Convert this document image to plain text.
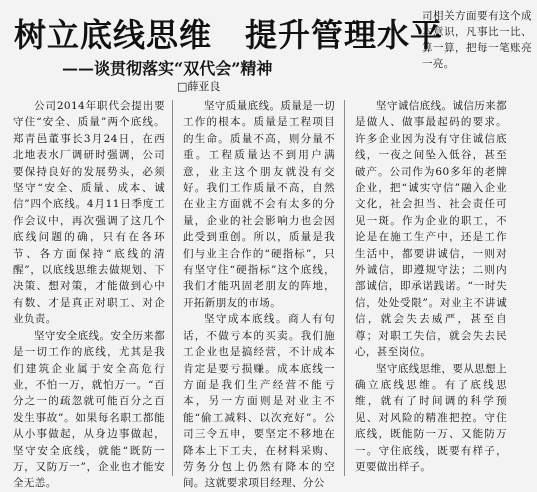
树立底线思维　提升管理水平
——谈贯彻落实“双代会”精神
□薛亚良

司相关方面要有这个成本意识，凡事比一比、算一算，把每一笔账亮一亮。

公司2014年职代会提出要守住“安全、质量”两个底线。郑青邑董事长3月24日，在西北地表水厂调研时强调，公司要保持良好的发展势头，必须坚守“安全、质量、成本、诚信”四个底线。4月11日季度工作会议中，再次强调了这几个底线问题的确，只有在各环节、各方面保持“底线的清醒”，以底线思维去做规划、下决策、想对策，才能做到心中有数、才是真正对职工、对企业负责。

坚守安全底线。安全历来都是一切工作的底线，尤其是我们建筑企业属于安全高危行业，不怕一万，就怕万一。“百分之一的疏忽就可能百分之百发生事故”。如果每名职工都能从小事做起，从身边事做起，坚守安全底线，就能“既防一万，又防万一”，企业也才能安全无恙。

坚守质量底线。质量是一切工作的根本。质量是工程项目的生命。质量不高，则分量不重。工程质量达不到用户满意，业主这个朋友就没有交好。我们工作质量不高，自然在业主方面就不会有太多的分量，企业的社会影响力也会因此受到重创。所以，质量是我们与业主合作的“硬指标”，只有坚守住“硬指标”这个底线，我们才能巩固老朋友的阵地，开拓新朋友的市场。

坚守成本底线。商人有句话，不做亏本的买卖。我们施工企业也是搞经营，不计成本肯定是要亏损赚。成本底线一方面是我们生产经营不能亏本，另一方面则是对业主不能“偷工减料、以次充好”。公司三令五申，要坚定不移地在降本上下工夫，在材料采购、劳务分包上仍然有降本的空间。这就要求项目经理、分公

坚守诚信底线。诚信历来都是做人、做事最起码的要求。许多企业因为没有守住诚信底线，一夜之间坠入低谷，甚至破产。公司作为60多年的老牌企业，把“诚实守信”融入企业文化，社会担当、社会责任可见一斑。作为企业的职工，不论是在施工生产中，还是工作生活中，都要讲诚信，一则对外诚信，即遵规守法；二则内部诚信，即承诺践诺。“一时失信，处处受限”。对业主不讲诚信，就会失去威严，甚至自尊；对职工失信，就会失去民心，甚至岗位。

坚守底线思维，要从思想上确立底线思维。有了底线思维，就有了时间调的科学预见、对风险的精准把控。守住底线，既能防一万、又能防万一。守住底线，既要有样子，更要做出样子。
